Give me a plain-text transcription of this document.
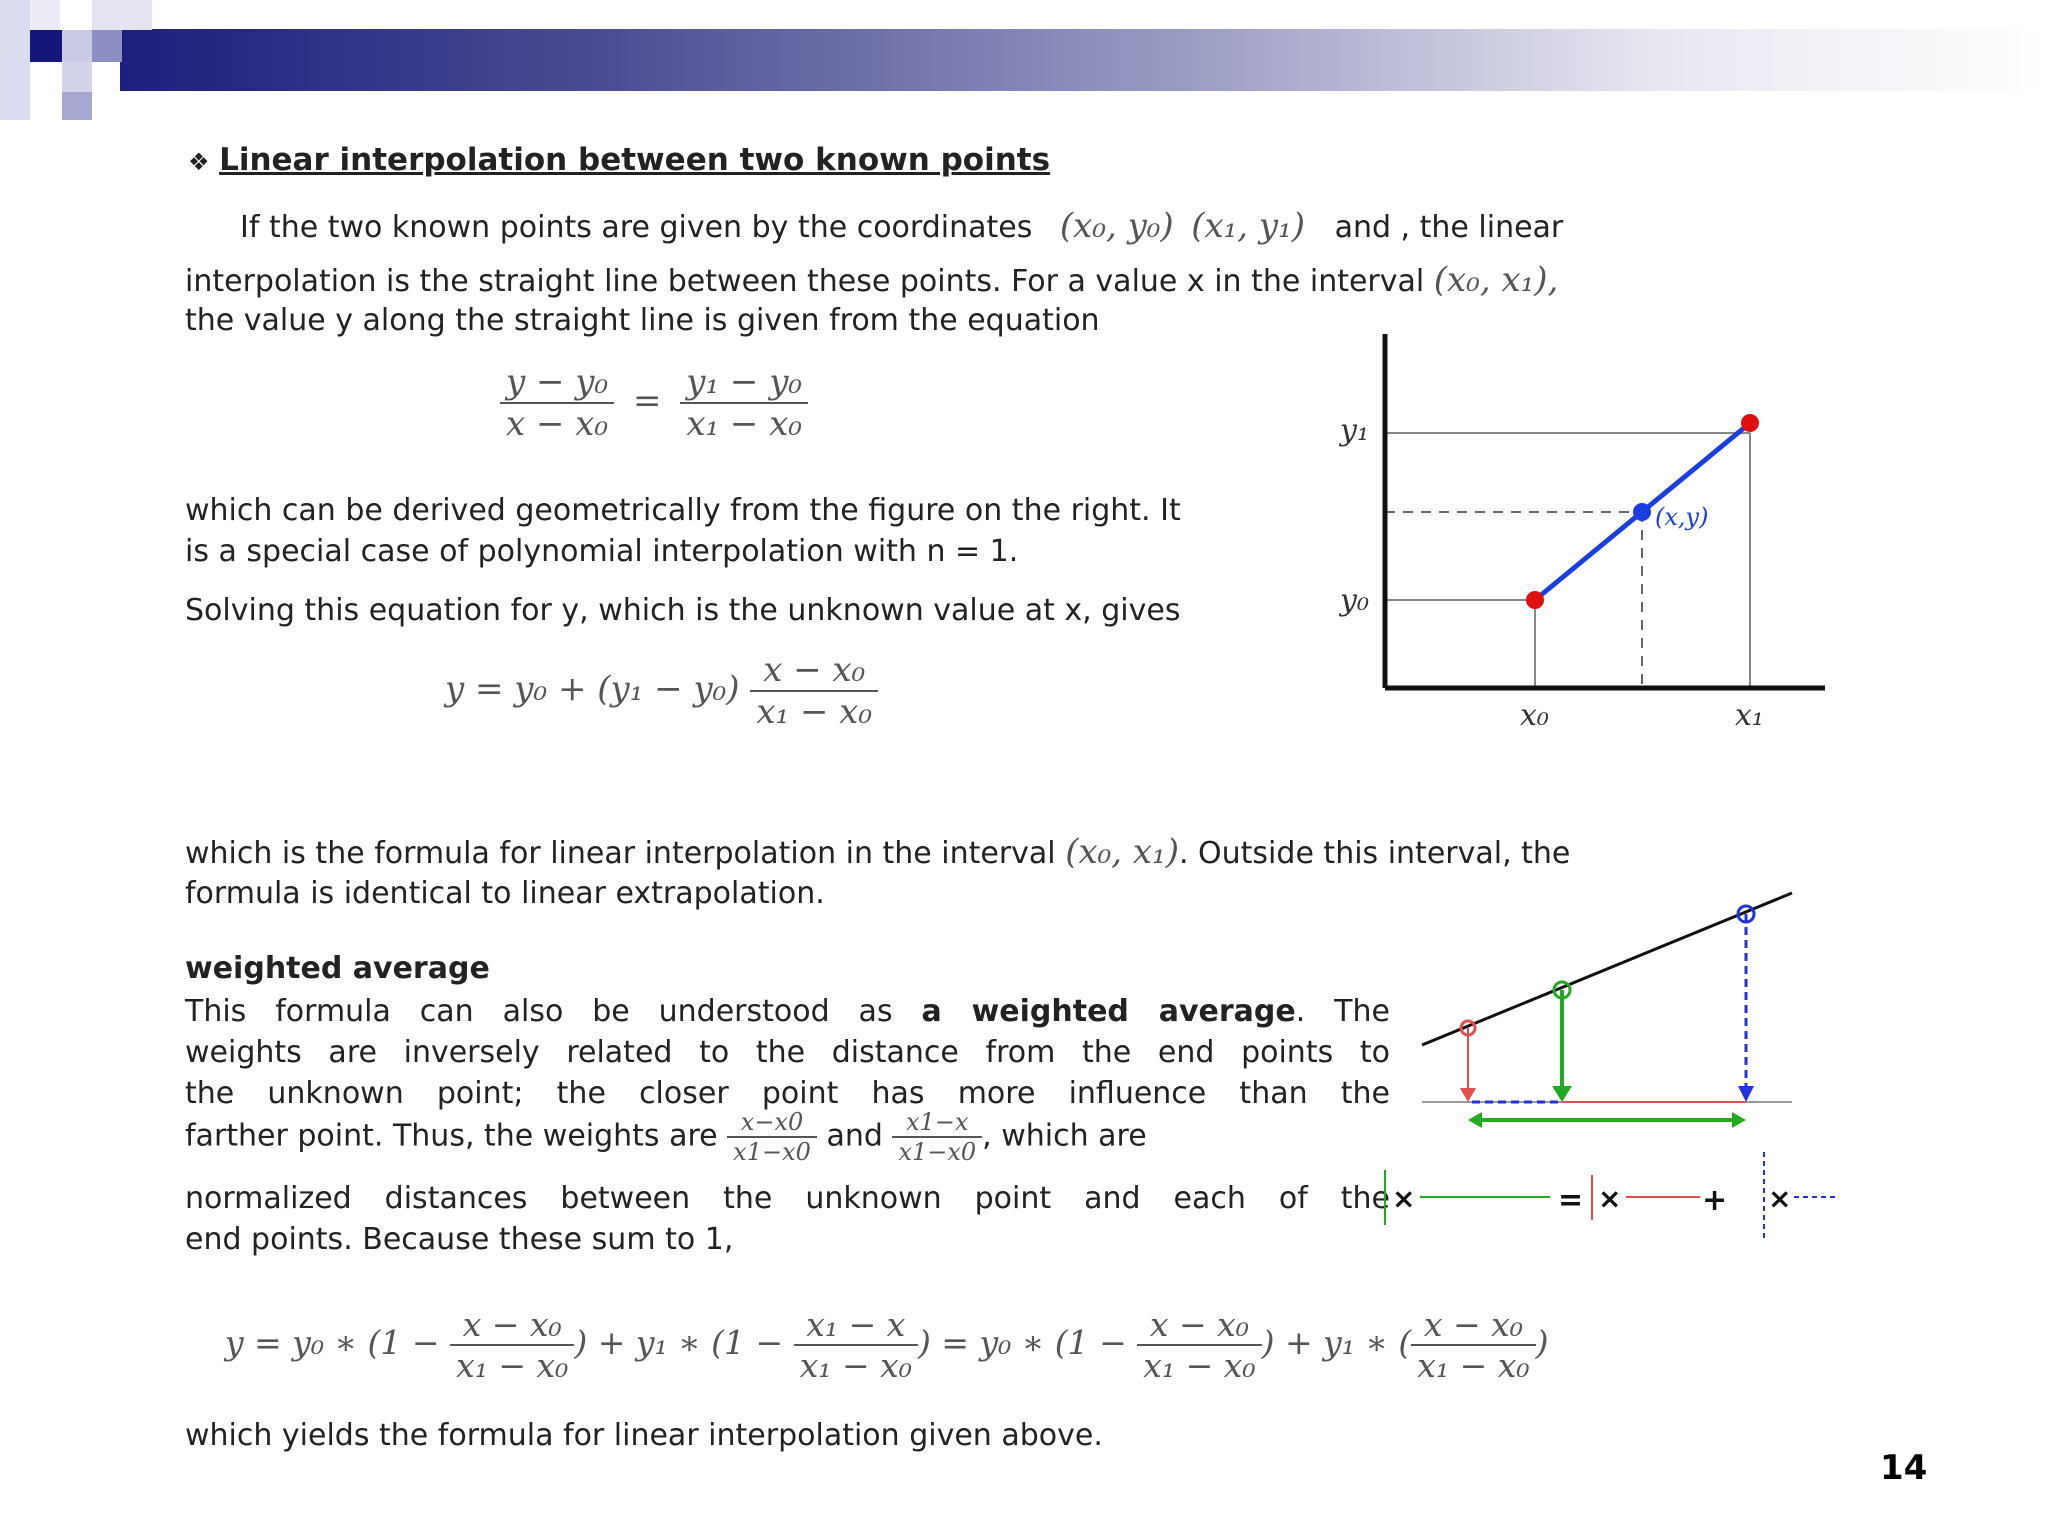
❖ Linear interpolation between two known points
If the two known points are given by the coordinates (x₀, y₀) (x₁, y₁) and , the linear
interpolation is the straight line between these points. For a value x in the interval (x₀, x₁),
the value y along the straight line is given from the equation
$\frac{\text{y − y₀}}{\text{x − x₀}} = \frac{\text{y₁ − y₀}}{\text{x₁ − x₀}}$
which can be derived geometrically from the figure on the right. It
is a special case of polynomial interpolation with n = 1.
Solving this equation for y, which is the unknown value at x, gives
$y = y_0 + (y_1 - y_0) \frac{\text{x − x₀}}{\text{x₁ − x₀}}$
y₁
y₀
x₀	x₁
(x,y)
which is the formula for linear interpolation in the interval (x₀, x₁). Outside this interval, the
formula is identical to linear extrapolation.
weighted average
This formula can also be understood as a weighted average. The
weights are inversely related to the distance from the end points to
the unknown point; the closer point has more influence than the
farther point. Thus, the weights are $\frac{x-x0}{x1-x0}$ and $\frac{x1-x}{x1-x0}$ , which are
normalized distances between the unknown point and each of the
end points. Because these sum to 1,
×	= ×	+ ×
y = y₀ ∗ ($1 - \frac{\text{x − x₀}}{\text{x₁ − x₀}}$ ) + y₁ ∗ ($1 - \frac{\text{x₁ − x}}{\text{x₁ − x₀}}$ ) = y₀ ∗ ($1 - \frac{\text{x − x₀}}{\text{x₁ − x₀}}$ ) + y₁ ∗ ( $\frac{\text{x − x₀}}{\text{x₁ − x₀}}$ )
which yields the formula for linear interpolation given above.
14
